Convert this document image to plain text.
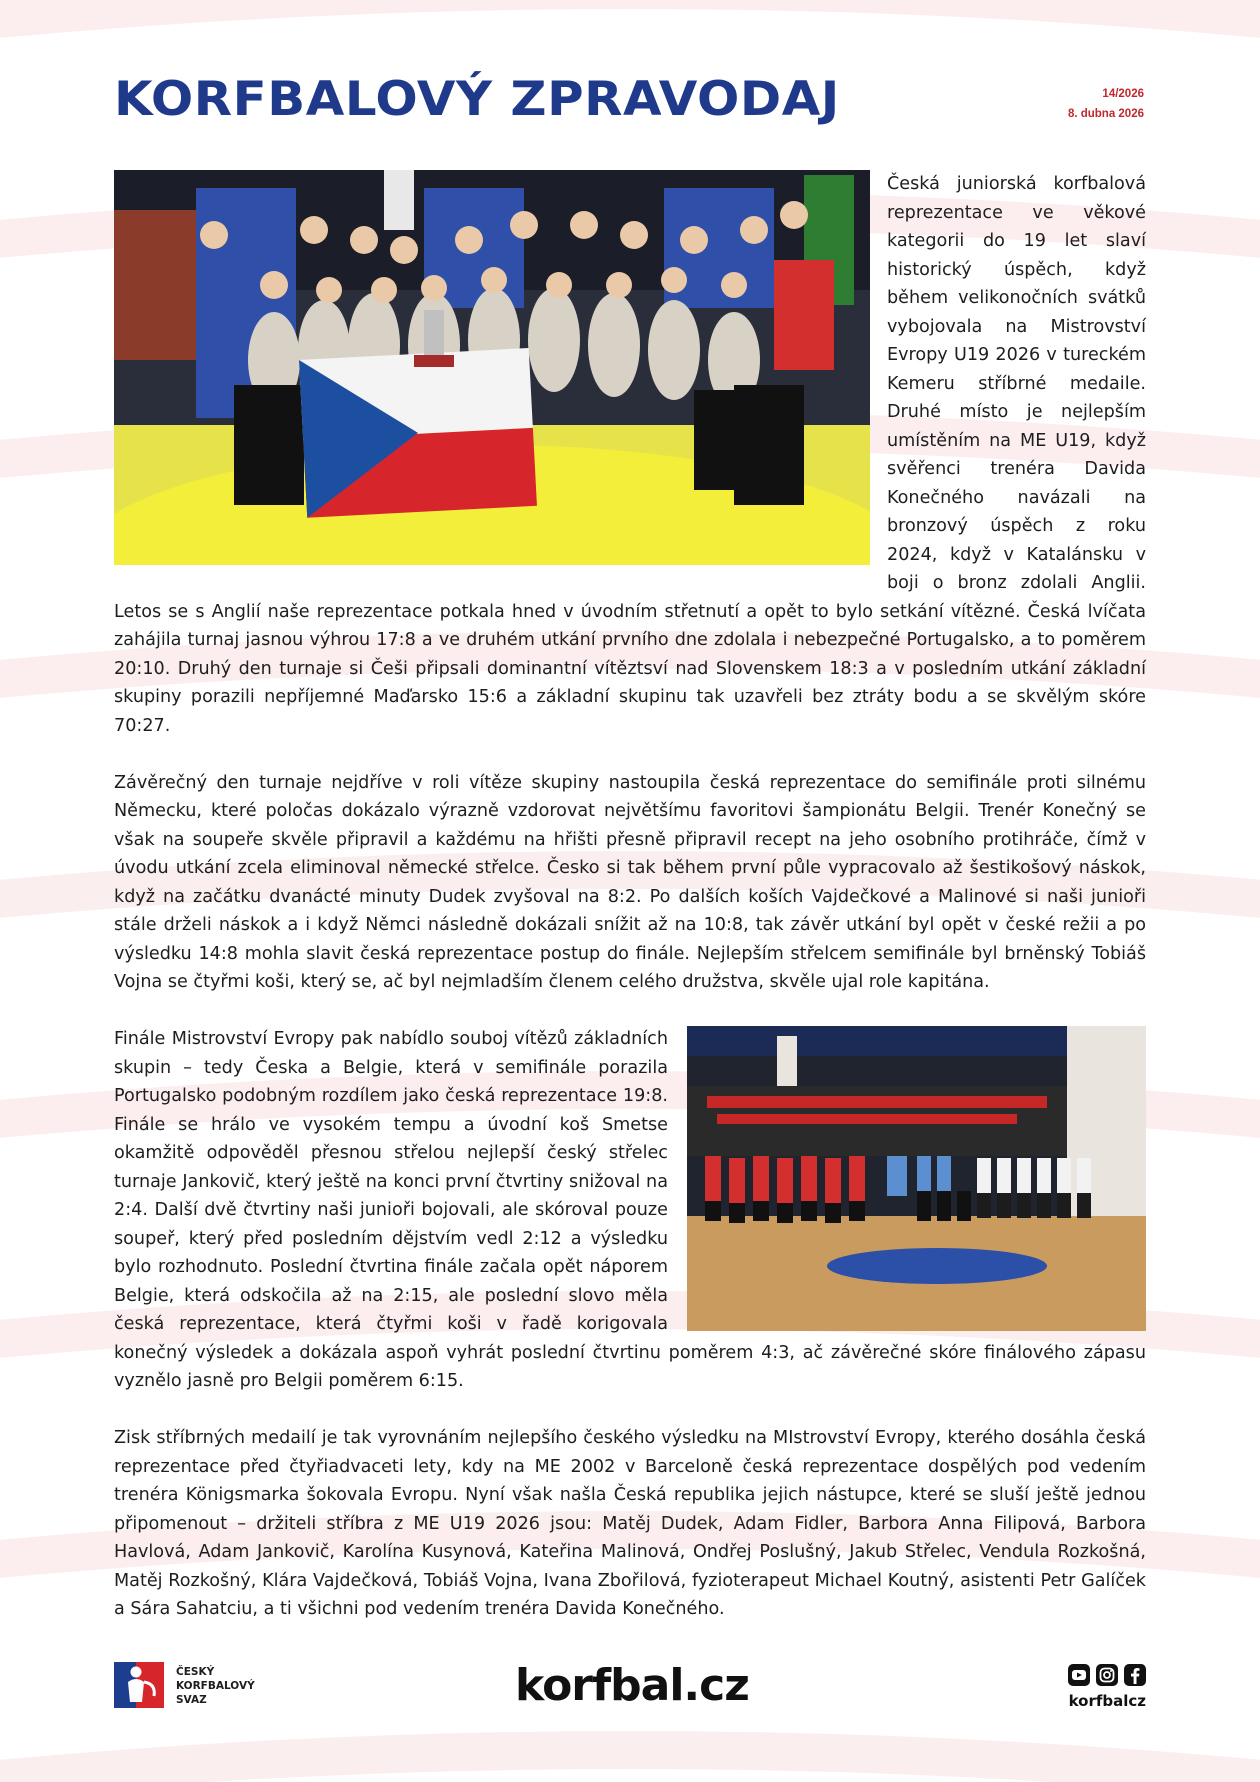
KORFBALOVÝ ZPRAVODAJ	14/2026
8. dubna 2026

Česká juniorská korfbalová reprezentace ve věkové kategorii do 19 let slaví historický úspěch, když během velikonočních svátků vybojovala na Mistrovství Evropy U19 2026 v tureckém Kemeru stříbrné medaile. Druhé místo je nejlepším umístěním na ME U19, když svěřenci trenéra Davida Konečného navázali na bronzový úspěch z roku 2024, když v Katalánsku v boji o bronz zdolali Anglii. Letos se s Anglií naše reprezentace potkala hned v úvodním střetnutí a opět to bylo setkání vítězné. Česká lvíčata zahájila turnaj jasnou výhrou 17:8 a ve druhém utkání prvního dne zdolala i nebezpečné Portugalsko, a to poměrem 20:10. Druhý den turnaje si Češi připsali dominantní vítěztsví nad Slovenskem 18:3 a v posledním utkání základní skupiny porazili nepříjemné Maďarsko 15:6 a základní skupinu tak uzavřeli bez ztráty bodu a se skvělým skóre 70:27.

Závěrečný den turnaje nejdříve v roli vítěze skupiny nastoupila česká reprezentace do semifinále proti silnému Německu, které poločas dokázalo výrazně vzdorovat největšímu favoritovi šampionátu Belgii. Trenér Konečný se však na soupeře skvěle připravil a každému na hřišti přesně připravil recept na jeho osobního protihráče, čímž v úvodu utkání zcela eliminoval německé střelce. Česko si tak během první půle vypracovalo až šestikošový náskok, když na začátku dvanácté minuty Dudek zvyšoval na 8:2. Po dalších koších Vajdečkové a Malinové si naši junioři stále drželi náskok a i když Němci následně dokázali snížit až na 10:8, tak závěr utkání byl opět v české režii a po výsledku 14:8 mohla slavit česká reprezentace postup do finále. Nejlepším střelcem semifinále byl brněnský Tobiáš Vojna se čtyřmi koši, který se, ač byl nejmladším členem celého družstva, skvěle ujal role kapitána.

Finále Mistrovství Evropy pak nabídlo souboj vítězů základních skupin – tedy Česka a Belgie, která v semifinále porazila Portugalsko podobným rozdílem jako česká reprezentace 19:8. Finále se hrálo ve vysokém tempu a úvodní koš Smetse okamžitě odpověděl přesnou střelou nejlepší český střelec turnaje Jankovič, který ještě na konci první čtvrtiny snižoval na 2:4. Další dvě čtvrtiny naši junioři bojovali, ale skóroval pouze soupeř, který před posledním dějstvím vedl 2:12 a výsledku bylo rozhodnuto. Poslední čtvrtina finále začala opět náporem Belgie, která odskočila až na 2:15, ale poslední slovo měla česká reprezentace, která čtyřmi koši v řadě korigovala konečný výsledek a dokázala aspoň vyhrát poslední čtvrtinu poměrem 4:3, ač závěrečné skóre finálového zápasu vyznělo jasně pro Belgii poměrem 6:15.

Zisk stříbrných medailí je tak vyrovnáním nejlepšího českého výsledku na MIstrovství Evropy, kterého dosáhla česká reprezentace před čtyřiadvaceti lety, kdy na ME 2002 v Barceloně česká reprezentace dospělých pod vedením trenéra Königsmarka šokovala Evropu. Nyní však našla Česká republika jejich nástupce, které se sluší ještě jednou připomenout – držiteli stříbra z ME U19 2026 jsou: Matěj Dudek, Adam Fidler, Barbora Anna Filipová, Barbora Havlová, Adam Jankovič, Karolína Kusynová, Kateřina Malinová, Ondřej Poslušný, Jakub Střelec, Vendula Rozkošná, Matěj Rozkošný, Klára Vajdečková, Tobiáš Vojna, Ivana Zbořilová, fyzioterapeut Michael Koutný, asistenti Petr Galíček a Sára Sahatciu, a ti všichni pod vedením trenéra Davida Konečného.

ČESKÝ
KORFBALOVÝ
SVAZ	korfbal.cz	korfbalcz
